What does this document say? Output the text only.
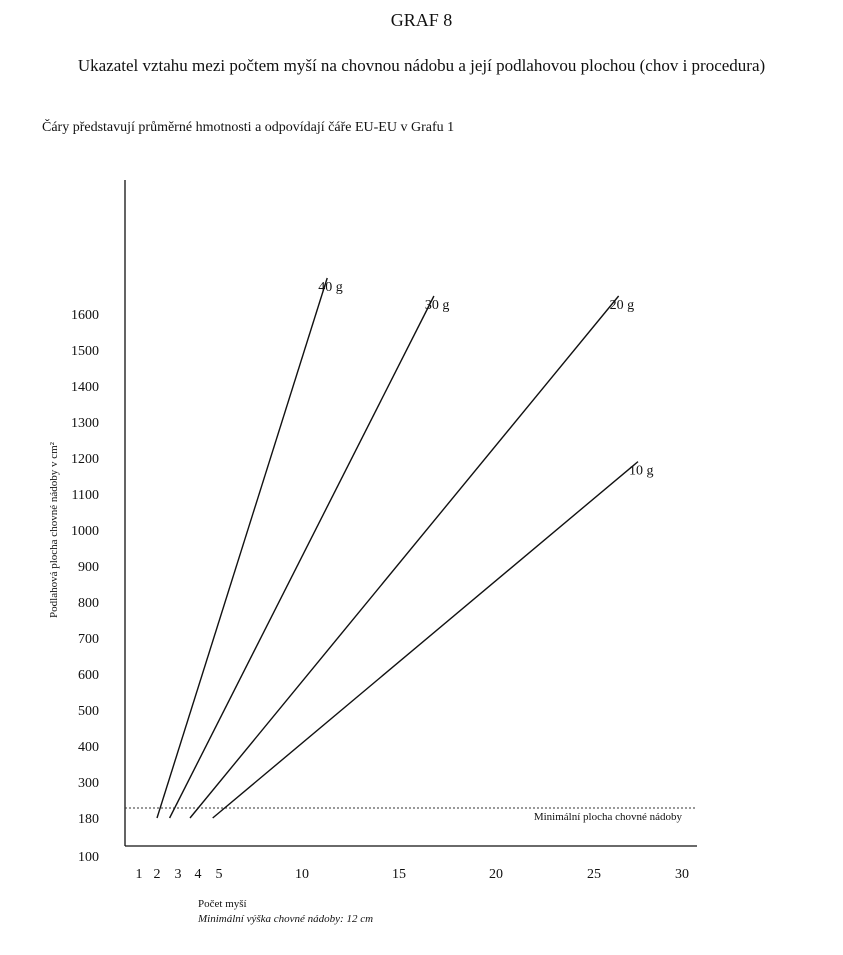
GRAF 8
Ukazatel vztahu mezi počtem myší na chovnou nádobu a její podlahovou plochou (chov i procedura)
Čáry představují průměrné hmotnosti a odpovídají čáře EU-EU v Grafu 1
Minimální plocha chovné nádoby
40 g
30 g	20 g
10 g
1 2 3 4 5	10	15	20	25	30
100
180
300
400
500
600
700
800
900
1000
1100
1200
1300
1400
1500
1600
Podlahová plocha chovné nádoby v cm²
Počet myší
Minimální výška chovné nádoby: 12 cm
